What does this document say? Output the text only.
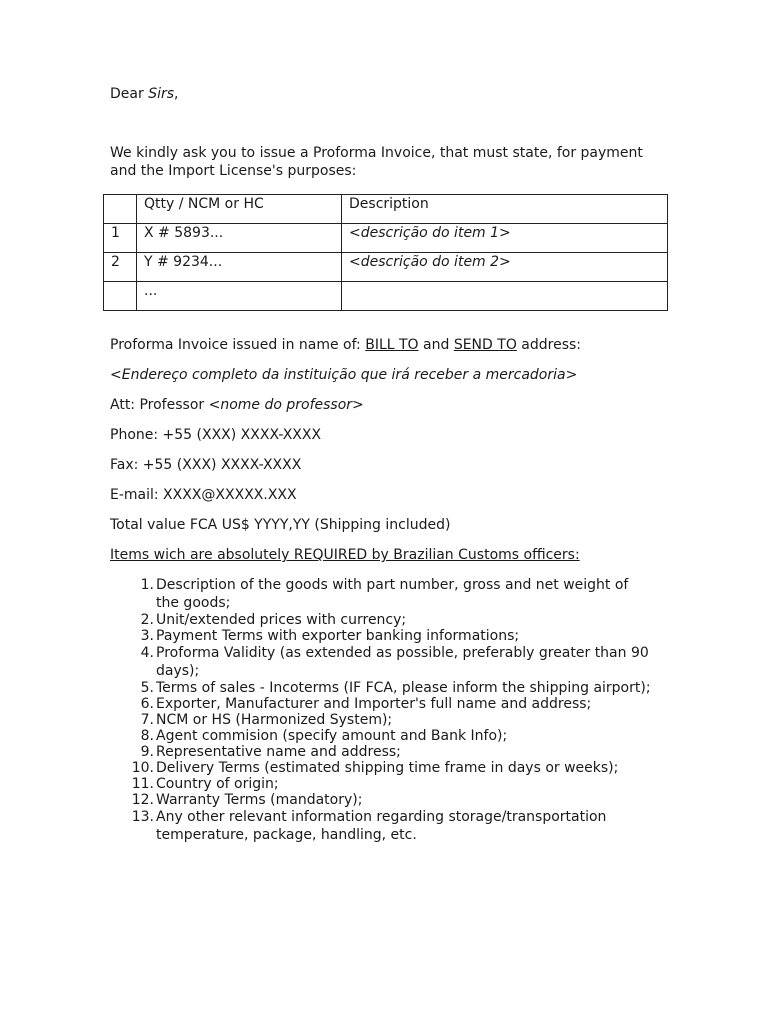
Dear Sirs,
We kindly ask you to issue a Proforma Invoice, that must state, for payment
and the Import License's purposes:
	Qtty / NCM or HC	Description
1	X # 5893...	<descrição do item 1>
2	Y # 9234...	<descrição do item 2>
	...	
Proforma Invoice issued in name of: BILL TO and SEND TO address:
<Endereço completo da instituição que irá receber a mercadoria>
Att: Professor <nome do professor>
Phone: +55 (XXX) XXXX-XXXX
Fax: +55 (XXX) XXXX-XXXX
E-mail: XXXX@XXXXX.XXX
Total value FCA US$ YYYY,YY (Shipping included)
Items wich are absolutely REQUIRED by Brazilian Customs officers:
1. Description of the goods with part number, gross and net weight of
the goods;
2. Unit/extended prices with currency;
3. Payment Terms with exporter banking informations;
4. Proforma Validity (as extended as possible, preferably greater than 90
days);
5. Terms of sales - Incoterms (IF FCA, please inform the shipping airport);
6. Exporter, Manufacturer and Importer's full name and address;
7. NCM or HS (Harmonized System);
8. Agent commision (specify amount and Bank Info);
9. Representative name and address;
10. Delivery Terms (estimated shipping time frame in days or weeks);
11. Country of origin;
12. Warranty Terms (mandatory);
13. Any other relevant information regarding storage/transportation
temperature, package, handling, etc.
